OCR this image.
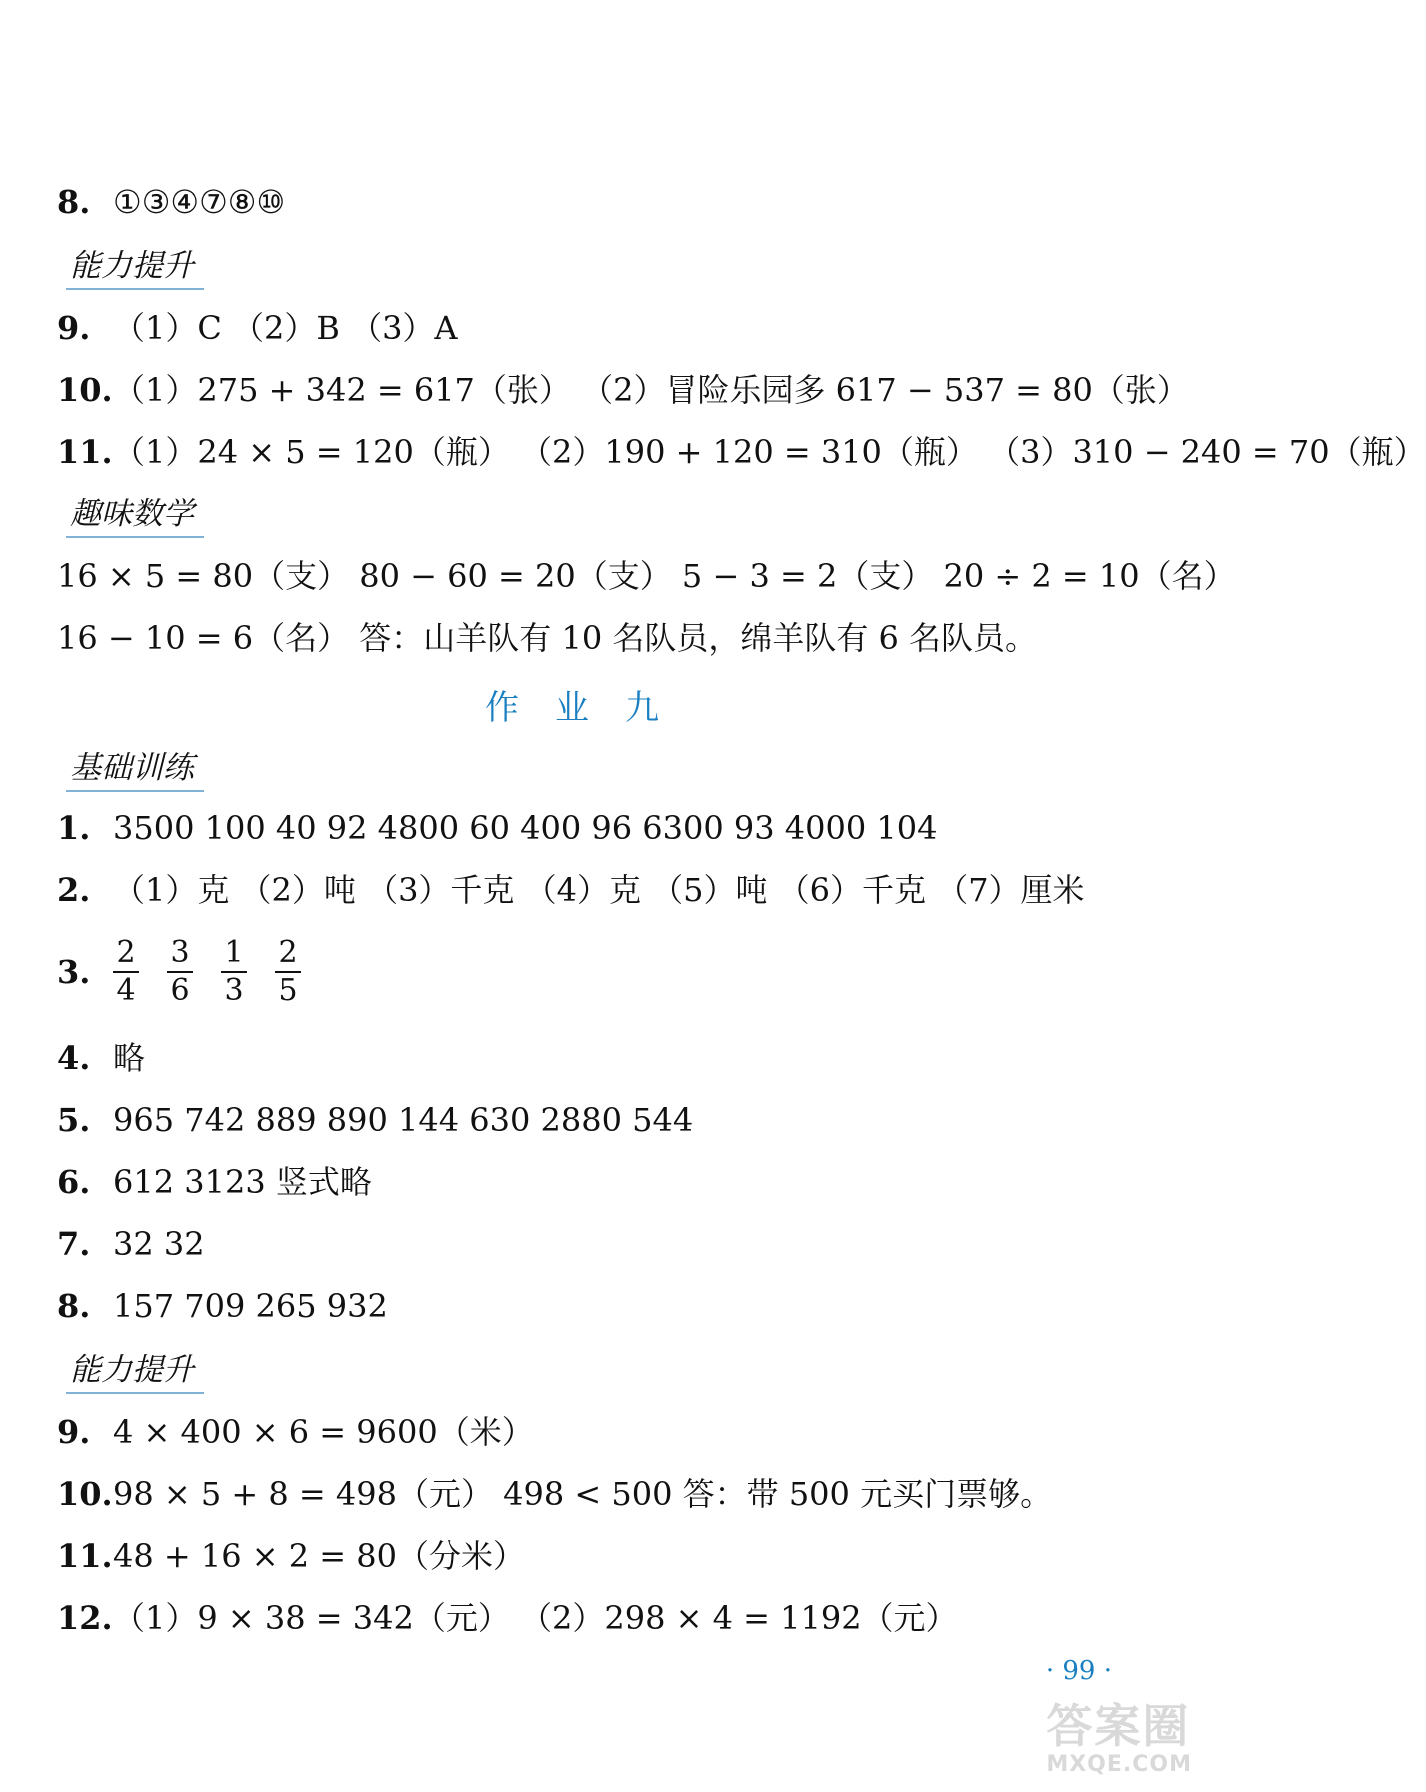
8. ①③④⑦⑧⑩
能力提升
9. （1）C （2）B （3）A
10.（1）275 + 342 = 617（张） （2）冒险乐园多 617 − 537 = 80（张）
11.（1）24 × 5 = 120（瓶） （2）190 + 120 = 310（瓶） （3）310 − 240 = 70（瓶）
趣味数学
16 × 5 = 80（支） 80 − 60 = 20（支） 5 − 3 = 2（支） 20 ÷ 2 = 10（名）
16 − 10 = 6（名） 答：山羊队有 10 名队员，绵羊队有 6 名队员。
作业九
基础训练
1. 3500 100 40 92 4800 60 400 96 6300 93 4000 104
2. （1）克 （2）吨 （3）千克 （4）克 （5）吨 （6）千克 （7）厘米
3. $\frac{2}{4} \frac{3}{6} \frac{1}{3} \frac{2}{5}$
4. 略
5. 965 742 889 890 144 630 2880 544
6. 612 3123 竖式略
7. 32 32
8. 157 709 265 932
能力提升
9. 4 × 400 × 6 = 9600（米）
10.98 × 5 + 8 = 498（元） 498 < 500 答：带 500 元买门票够。
11.48 + 16 × 2 = 80（分米）
12.（1）9 × 38 = 342（元） （2）298 × 4 = 1192（元）
· 99 ·
答案圈
MXQE.COM
